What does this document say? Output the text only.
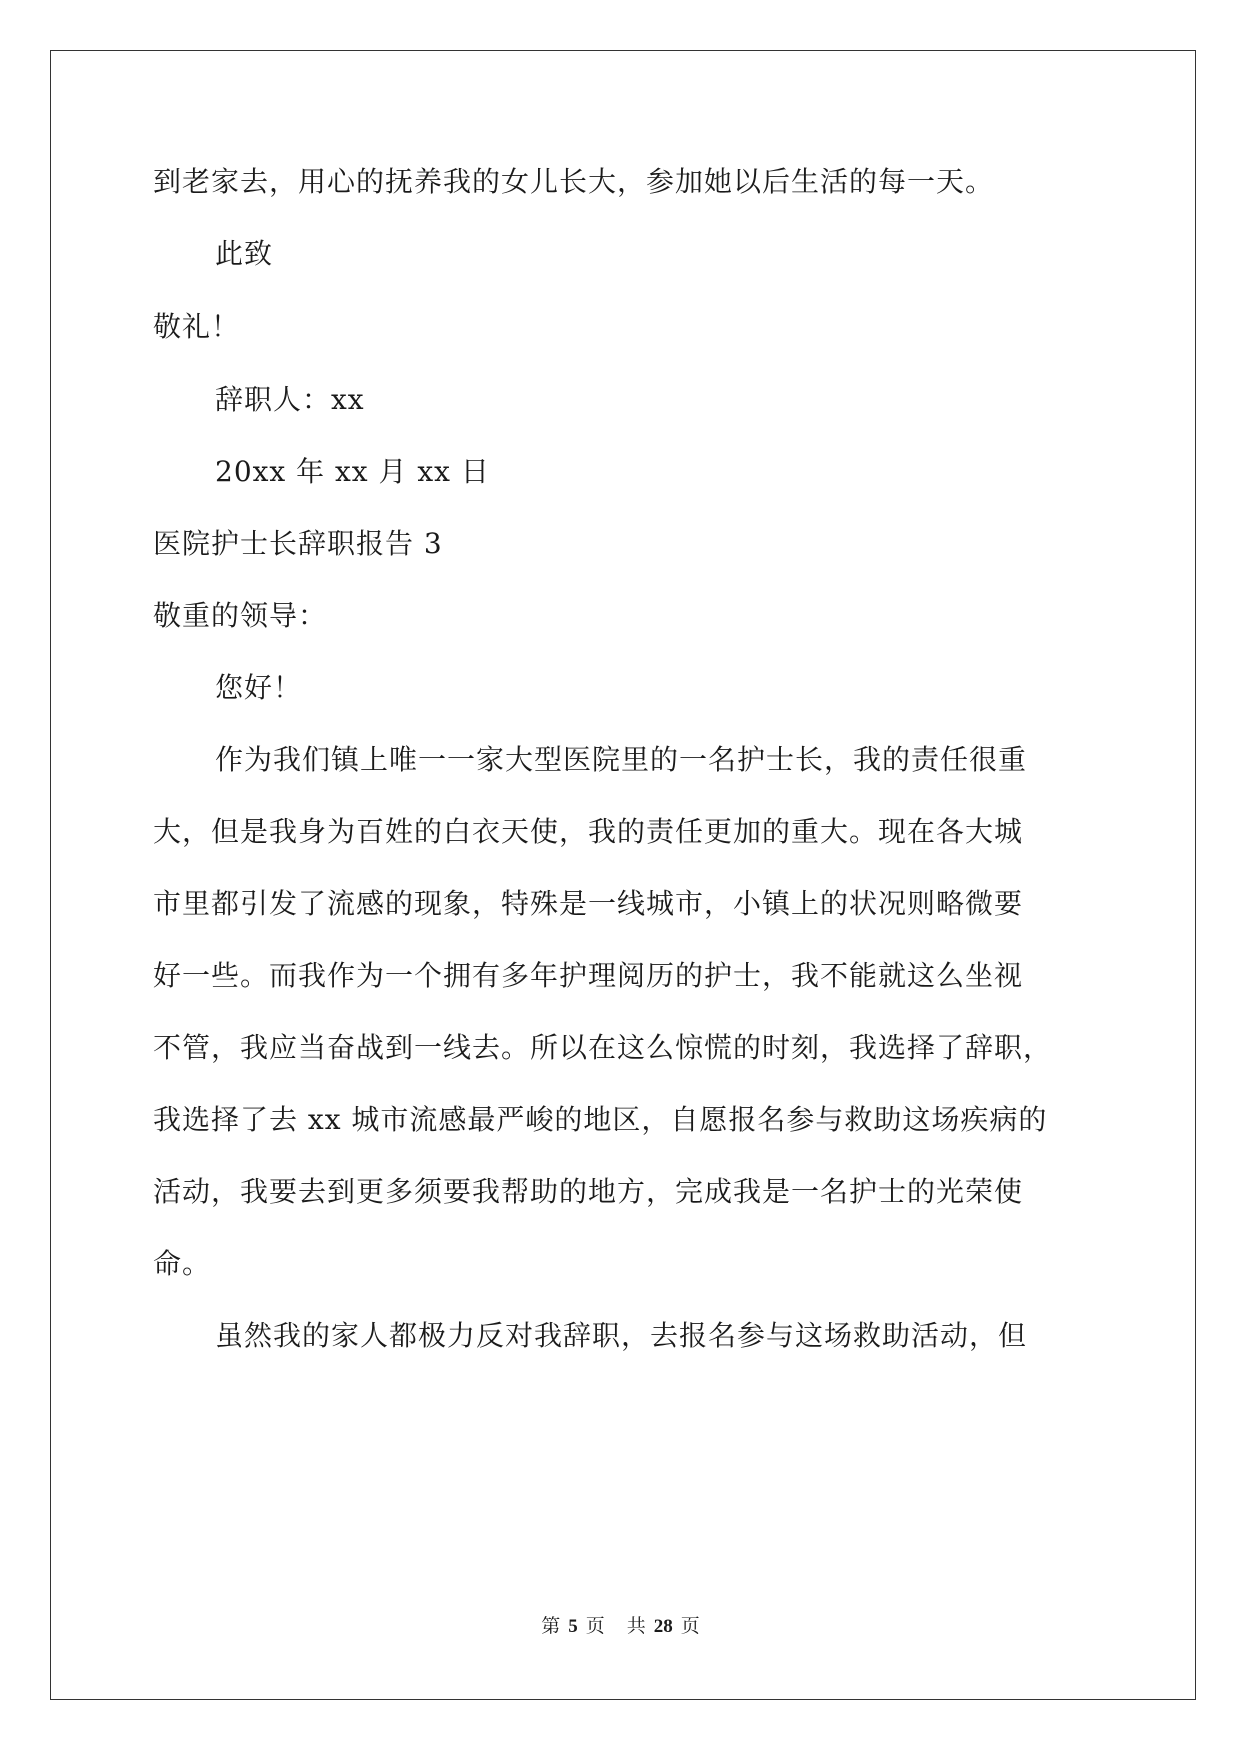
到老家去，用心的抚养我的女儿长大，参加她以后生活的每一天。
此致
敬礼！
辞职人：xx
20xx 年 xx 月 xx 日
医院护士长辞职报告 3
敬重的领导：
您好！
作为我们镇上唯一一家大型医院里的一名护士长，我的责任很重
大，但是我身为百姓的白衣天使，我的责任更加的重大。现在各大城
市里都引发了流感的现象，特殊是一线城市，小镇上的状况则略微要
好一些。而我作为一个拥有多年护理阅历的护士，我不能就这么坐视
不管，我应当奋战到一线去。所以在这么惊慌的时刻，我选择了辞职，
我选择了去 xx 城市流感最严峻的地区，自愿报名参与救助这场疾病的
活动，我要去到更多须要我帮助的地方，完成我是一名护士的光荣使
命。
虽然我的家人都极力反对我辞职，去报名参与这场救助活动，但
第 5 页 共 28 页
